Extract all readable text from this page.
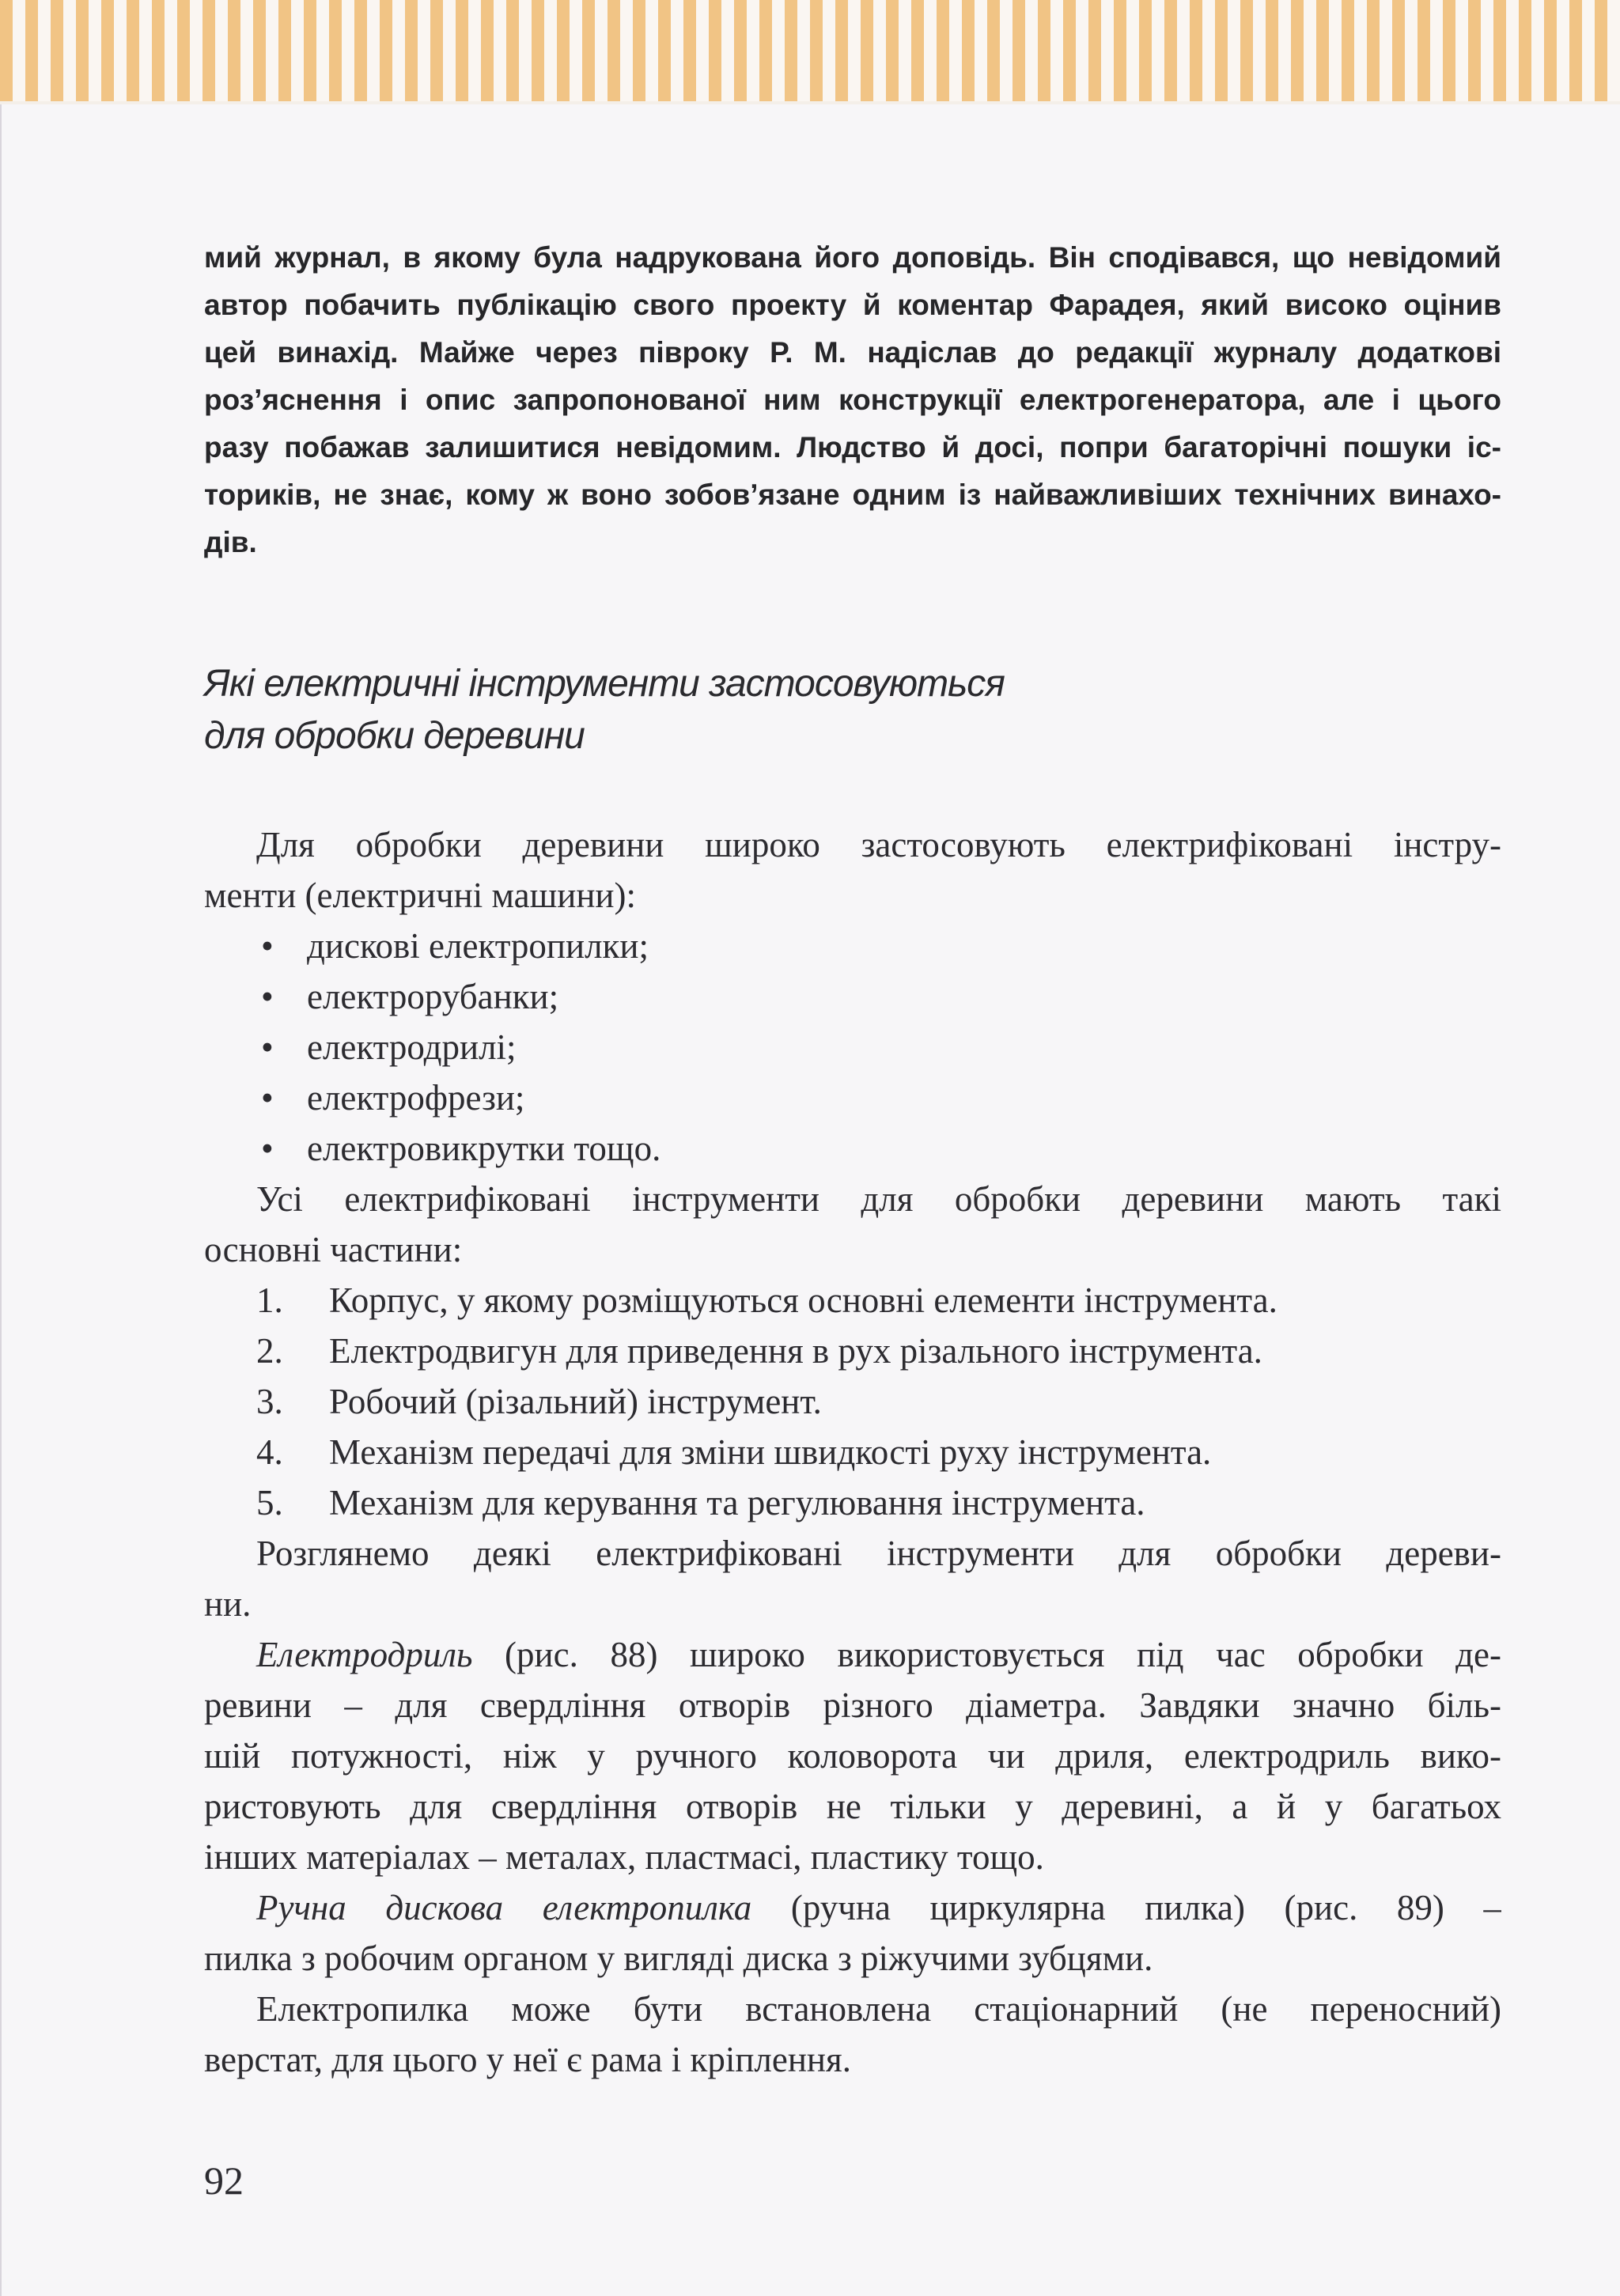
мий журнал, в якому була надрукована його доповідь. Він сподівався, що невідомий
автор побачить публікацію свого проекту й коментар Фарадея, який високо оцінив
цей винахід. Майже через півроку Р. М. надіслав до редакції журналу додаткові
роз’яснення і опис запропонованої ним конструкції електрогенератора, але і цього
разу побажав залишитися невідомим. Людство й досі, попри багаторічні пошуки іс-
ториків, не знає, кому ж воно зобов’язане одним із найважливіших технічних винахо-
дів.
Які електричні інструменти застосовуються
для обробки деревини
Для обробки деревини широко застосовують електрифіковані інстру-
менти (електричні машини):
• дискові електропилки;
• електрорубанки;
• електродрилі;
• електрофрези;
• електровикрутки тощо.
Усі електрифіковані інструменти для обробки деревини мають такі
основні частини:
1. Корпус, у якому розміщуються основні елементи інструмента.
2. Електродвигун для приведення в рух різального інструмента.
3. Робочий (різальний) інструмент.
4. Механізм передачі для зміни швидкості руху інструмента.
5. Механізм для керування та регулювання інструмента.
Розглянемо деякі електрифіковані інструменти для обробки дереви-
ни.
Електродриль (рис. 88) широко використовується під час обробки де-
ревини – для свердління отворів різного діаметра. Завдяки значно біль-
шій потужності, ніж у ручного коловорота чи дриля, електродриль вико-
ристовують для свердління отворів не тільки у деревині, а й у багатьох
інших матеріалах – металах, пластмасі, пластику тощо.
Ручна дискова електропилка (ручна циркулярна пилка) (рис. 89) –
пилка з робочим органом у вигляді диска з ріжучими зубцями.
Електропилка може бути встановлена стаціонарний (не переносний)
верстат, для цього у неї є рама і кріплення.
92
